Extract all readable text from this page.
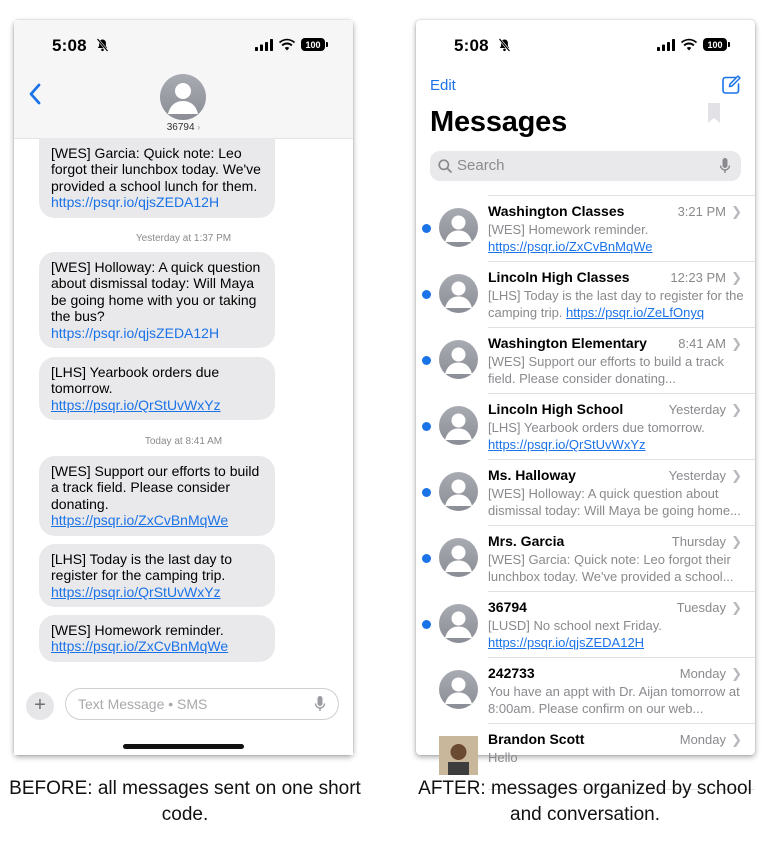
5:08	100
36794 ›
[WES] Garcia: Quick note: Leo forgot their lunchbox today. We've provided a school lunch for them. https://psqr.io/qjsZEDA12H
Yesterday at 1:37 PM
[WES] Holloway: A quick question about dismissal today: Will Maya be going home with you or taking the bus? https://psqr.io/qjsZEDA12H
[LHS] Yearbook orders due tomorrow. https://psqr.io/QrStUvWxYz
Today at 8:41 AM
[WES] Support our efforts to build a track field. Please consider donating. https://psqr.io/ZxCvBnMqWe
[LHS] Today is the last day to register for the camping trip. https://psqr.io/QrStUvWxYz
[WES] Homework reminder. https://psqr.io/ZxCvBnMqWe
+	Text Message • SMS
5:08	100
Edit
Messages
Search
Washington Classes	3:21 PM ❯
[WES] Homework reminder. https://psqr.io/ZxCvBnMqWe
Lincoln High Classes	12:23 PM ❯
[LHS] Today is the last day to register for the camping trip. https://psqr.io/ZeLfOnyq
Washington Elementary 8:41 AM ❯
[WES] Support our efforts to build a track field. Please consider donating...
Lincoln High School	Yesterday ❯
[LHS] Yearbook orders due tomorrow. https://psqr.io/QrStUvWxYz
Ms. Halloway	Yesterday ❯
[WES] Holloway: A quick question about dismissal today: Will Maya be going home...
Mrs. Garcia	Thursday ❯
[WES] Garcia: Quick note: Leo forgot their lunchbox today. We've provided a school...
36794	Tuesday ❯
[LUSD] No school next Friday. https://psqr.io/qjsZEDA12H
242733	Monday ❯
You have an appt with Dr. Aijan tomorrow at 8:00am. Please confirm on our web...
Brandon Scott	Monday ❯
Hello
BEFORE: all messages sent on one short code.
AFTER: messages organized by school and conversation.
